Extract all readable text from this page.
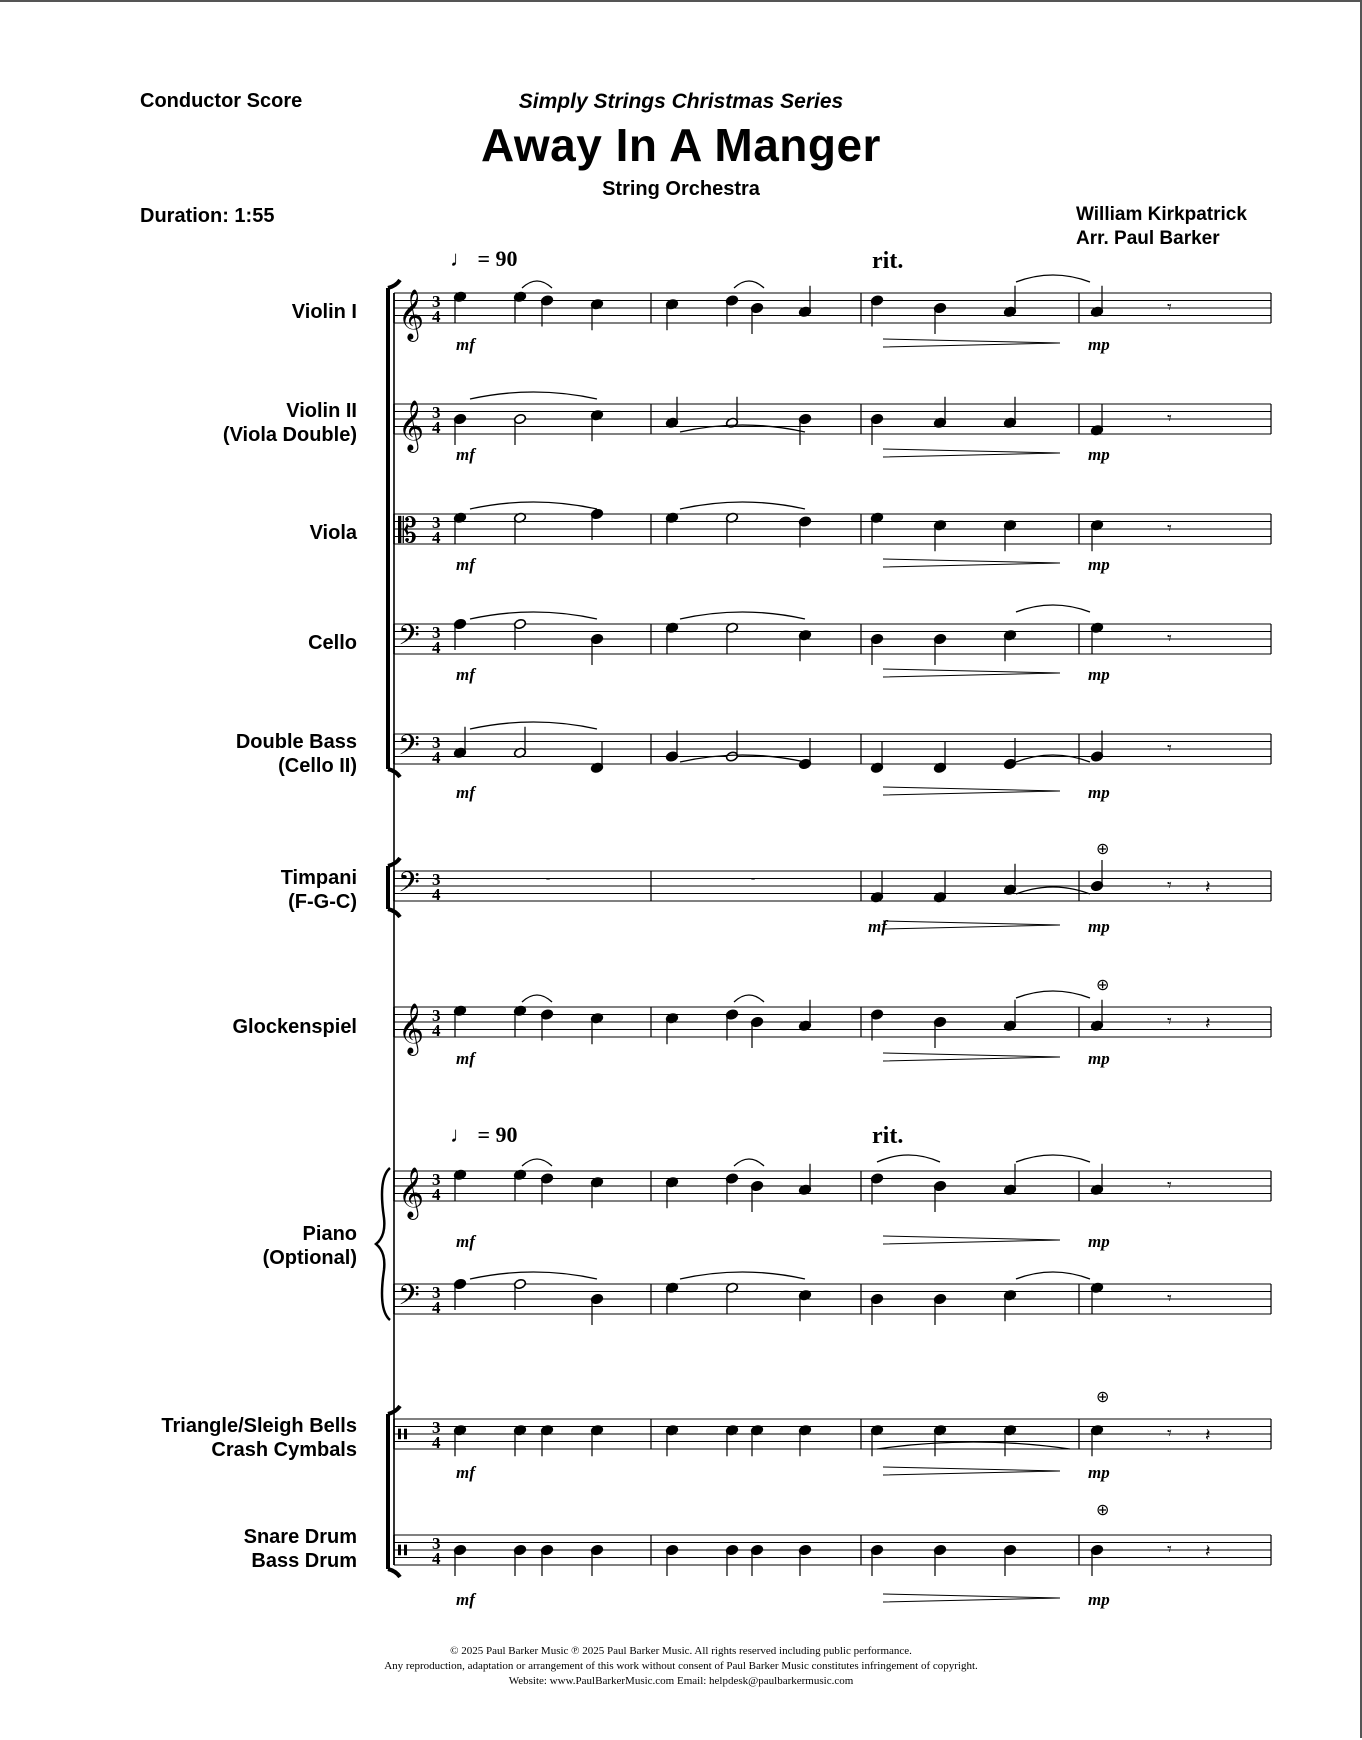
Conductor Score	Simply Strings Christmas Series
Away In A Manger
String Orchestra
Duration: 1:55	William Kirkpatrick
Arr. Paul Barker
Violin I
Violin II
(Viola Double)
Viola
Cello
Double Bass
(Cello II)
Timpani
(F-G-C)
Glockenspiel
Piano
(Optional)
Triangle/Sleigh Bells
Crash Cymbals
Snare Drum
Bass Drum
♩ = 90	rit.
♩ = 90	rit.
𝄞 3
4
𝄞 3
4
𝄡 3
4
𝄢 3
4
𝄢 3
4
𝄢 3
4
𝄞 3
4
𝄞 3
4
𝄢 3
4
𝄥 3
4
𝄥 3
4
𝄾
𝄾
𝄾
𝄾
𝄾
𝄻	𝄻	𝄾 𝄽
𝄾 𝄽
𝄾
𝄾
𝄾 𝄽
𝄾 𝄽
⊕
⊕
⊕
⊕
mf	mp
mf	mp
mf	mp
mf	mp
mf	mp
mf	mp
mf	mp
mf	mp
mf	mp
mf	mp
© 2025 Paul Barker Music ℗ 2025 Paul Barker Music. All rights reserved including public performance.
Any reproduction, adaptation or arrangement of this work without consent of Paul Barker Music constitutes infringement of copyright.
Website: www.PaulBarkerMusic.com Email: helpdesk@paulbarkermusic.com
